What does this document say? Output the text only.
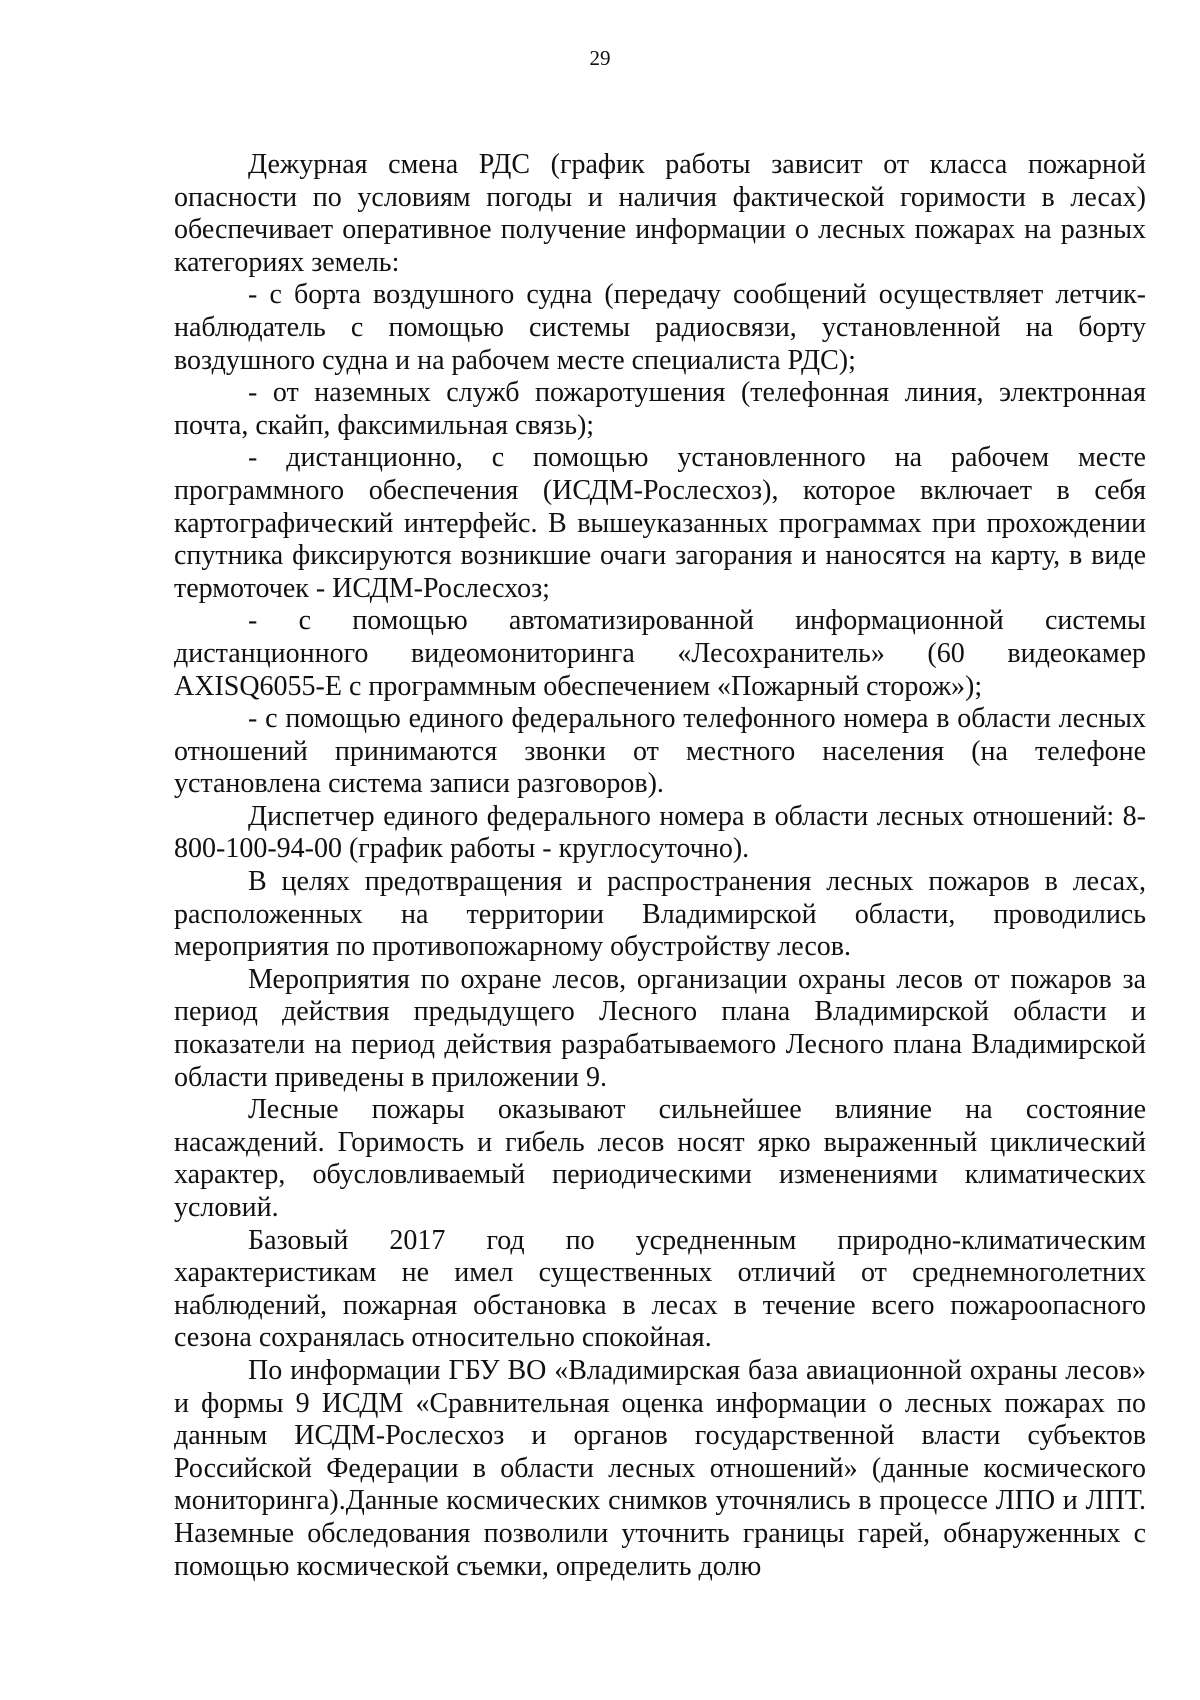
29

Дежурная смена РДС (график работы зависит от класса пожарной опасности по условиям погоды и наличия фактической горимости в лесах) обеспечивает оперативное получение информации о лесных пожарах на разных категориях земель:

- с борта воздушного судна (передачу сообщений осуществляет летчик-наблюдатель с помощью системы радиосвязи, установленной на борту воздушного судна и на рабочем месте специалиста РДС);

- от наземных служб пожаротушения (телефонная линия, электронная почта, скайп, факсимильная связь);

- дистанционно, с помощью установленного на рабочем месте программного обеспечения (ИСДМ-Рослесхоз), которое включает в себя картографический интерфейс. В вышеуказанных программах при прохождении спутника фиксируются возникшие очаги загорания и наносятся на карту, в виде термоточек - ИСДМ-Рослесхоз;

- с помощью автоматизированной информационной системы дистанционного видеомониторинга «Лесохранитель» (60 видеокамер AXISQ6055-E с программным обеспечением «Пожарный сторож»);

- с помощью единого федерального телефонного номера в области лесных отношений принимаются звонки от местного населения (на телефоне установлена система записи разговоров).

Диспетчер единого федерального номера в области лесных отношений: 8-800-100-94-00 (график работы - круглосуточно).

В целях предотвращения и распространения лесных пожаров в лесах, расположенных на территории Владимирской области, проводились мероприятия по противопожарному обустройству лесов.

Мероприятия по охране лесов, организации охраны лесов от пожаров за период действия предыдущего Лесного плана Владимирской области и показатели на период действия разрабатываемого Лесного плана Владимирской области приведены в приложении 9.

Лесные пожары оказывают сильнейшее влияние на состояние насаждений. Горимость и гибель лесов носят ярко выраженный циклический характер, обусловливаемый периодическими изменениями климатических условий.

Базовый 2017 год по усредненным природно-климатическим характеристикам не имел существенных отличий от среднемноголетних наблюдений, пожарная обстановка в лесах в течение всего пожароопасного сезона сохранялась относительно спокойная.

По информации ГБУ ВО «Владимирская база авиационной охраны лесов» и формы 9 ИСДМ «Сравнительная оценка информации о лесных пожарах по данным ИСДМ-Рослесхоз и органов государственной власти субъектов Российской Федерации в области лесных отношений» (данные космического мониторинга).Данные космических снимков уточнялись в процессе ЛПО и ЛПТ. Наземные обследования позволили уточнить границы гарей, обнаруженных с помощью космической съемки, определить долю
